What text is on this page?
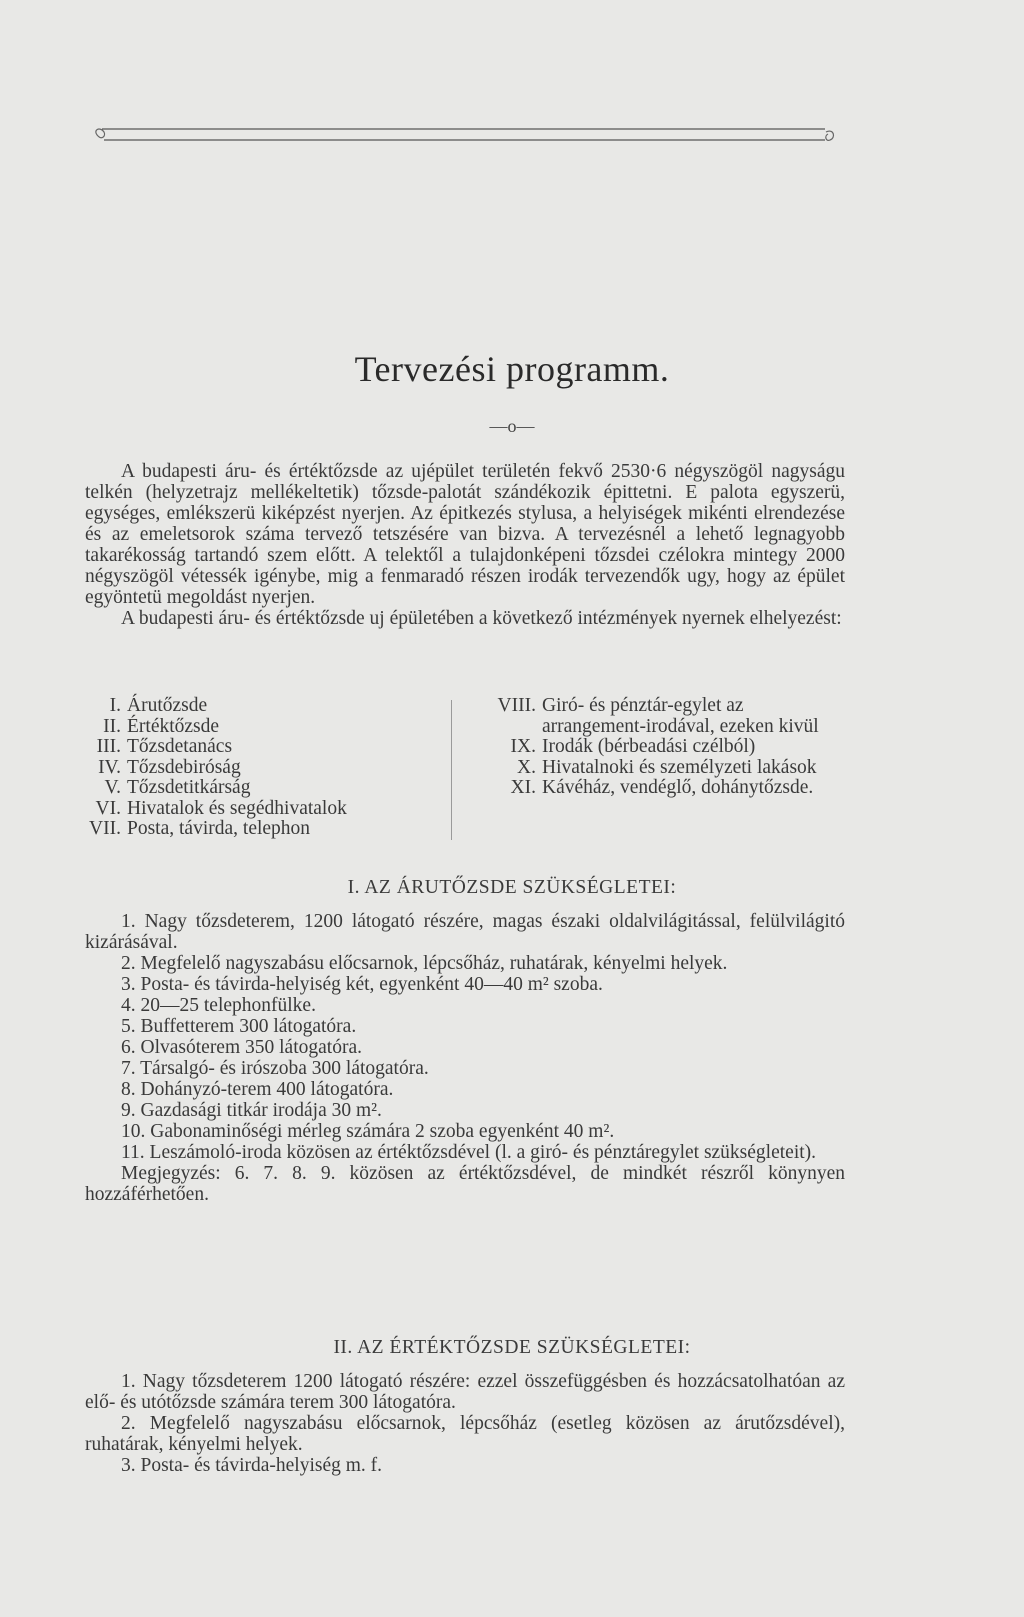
Tervezési programm.
—o—

A budapesti áru- és értéktőzsde az ujépület területén fekvő 2530·6 négyszögöl nagyságu telkén (helyzetrajz mellékeltetik) tőzsde-palotát szándékozik épittetni. E palota egyszerü, egységes, emlékszerü kiképzést nyerjen. Az épitkezés stylusa, a helyiségek mikénti elrendezése és az emeletsorok száma tervező tetszésére van bizva. A tervezésnél a lehető legnagyobb takarékosság tartandó szem előtt. A telektől a tulajdonképeni tőzsdei czélokra mintegy 2000 négyszögöl vétessék igénybe, mig a fenmaradó részen irodák tervezendők ugy, hogy az épület egyöntetü megoldást nyerjen.

A budapesti áru- és értéktőzsde uj épületében a következő intézmények nyernek elhelyezést:

I. Árutőzsde
II. Értéktőzsde
III. Tőzsdetanács
IV. Tőzsdebiróság
V. Tőzsdetitkárság
VI. Hivatalok és segédhivatalok
VII. Posta, távirda, telephon
VIII. Giró- és pénztár-egylet az arrangement-irodával, ezeken kivül
IX. Irodák (bérbeadási czélból)
X. Hivatalnoki és személyzeti lakások
XI. Kávéház, vendéglő, dohánytőzsde.
I. AZ ÁRUTŐZSDE SZÜKSÉGLETEI:

1. Nagy tőzsdeterem, 1200 látogató részére, magas északi oldalvilágitással, felülvilágitó kizárásával.

2. Megfelelő nagyszabásu előcsarnok, lépcsőház, ruhatárak, kényelmi helyek.

3. Posta- és távirda-helyiség két, egyenként 40—40 m² szoba.

4. 20—25 telephonfülke.

5. Buffetterem 300 látogatóra.

6. Olvasóterem 350 látogatóra.

7. Társalgó- és irószoba 300 látogatóra.

8. Dohányzó-terem 400 látogatóra.

9. Gazdasági titkár irodája 30 m².

10. Gabonaminőségi mérleg számára 2 szoba egyenként 40 m².

11. Leszámoló-iroda közösen az értéktőzsdével (l. a giró- és pénztáregylet szükségleteit).

Megjegyzés: 6. 7. 8. 9. közösen az értéktőzsdével, de mindkét részről könynyen hozzáférhetően.

II. AZ ÉRTÉKTŐZSDE SZÜKSÉGLETEI:

1. Nagy tőzsdeterem 1200 látogató részére: ezzel összefüggésben és hozzácsatolhatóan az elő- és utótőzsde számára terem 300 látogatóra.

2. Megfelelő nagyszabásu előcsarnok, lépcsőház (esetleg közösen az árutőzsdével), ruhatárak, kényelmi helyek.

3. Posta- és távirda-helyiség m. f.
